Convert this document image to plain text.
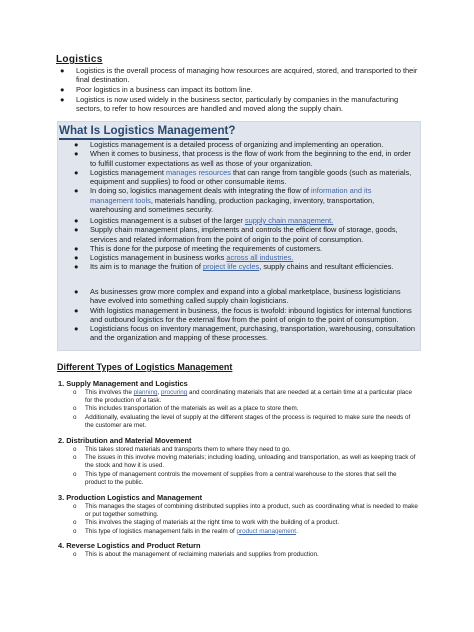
Logistics
● Logistics is the overall process of managing how resources are acquired, stored, and transported to their final destination.
● Poor logistics in a business can impact its bottom line.
● Logistics is now used widely in the business sector, particularly by companies in the manufacturing sectors, to refer to how resources are handled and moved along the supply chain.
What Is Logistics Management?
● Logistics management is a detailed process of organizing and implementing an operation.
● When it comes to business, that process is the flow of work from the beginning to the end, in order to fulfill customer expectations as well as those of your organization.
● Logistics management manages resources that can range from tangible goods (such as materials, equipment and supplies) to food or other consumable items.
● In doing so, logistics management deals with integrating the flow of information and its management tools, materials handling, production packaging, inventory, transportation, warehousing and sometimes security.
● Logistics management is a subset of the larger supply chain management.
● Supply chain management plans, implements and controls the efficient flow of storage, goods, services and related information from the point of origin to the point of consumption.
● This is done for the purpose of meeting the requirements of customers.
● Logistics management in business works across all industries.
● Its aim is to manage the fruition of project life cycles, supply chains and resultant efficiencies.
● As businesses grow more complex and expand into a global marketplace, business logisticians have evolved into something called supply chain logisticians.
● With logistics management in business, the focus is twofold: inbound logistics for internal functions and outbound logistics for the external flow from the point of origin to the point of consumption.
● Logisticians focus on inventory management, purchasing, transportation, warehousing, consultation and the organization and mapping of these processes.
Different Types of Logistics Management
1. Supply Management and Logistics
o This involves the planning, procuring and coordinating materials that are needed at a certain time at a particular place for the production of a task.
o This includes transportation of the materials as well as a place to store them.
o Additionally, evaluating the level of supply at the different stages of the process is required to make sure the needs of the customer are met.
2. Distribution and Material Movement
o This takes stored materials and transports them to where they need to go.
o The issues in this involve moving materials; including loading, unloading and transportation, as well as keeping track of the stock and how it is used.
o This type of management controls the movement of supplies from a central warehouse to the stores that sell the product to the public.
3. Production Logistics and Management
o This manages the stages of combining distributed supplies into a product, such as coordinating what is needed to make or put together something.
o This involves the staging of materials at the right time to work with the building of a product.
o This type of logistics management falls in the realm of product management.
4. Reverse Logistics and Product Return
o This is about the management of reclaiming materials and supplies from production.
